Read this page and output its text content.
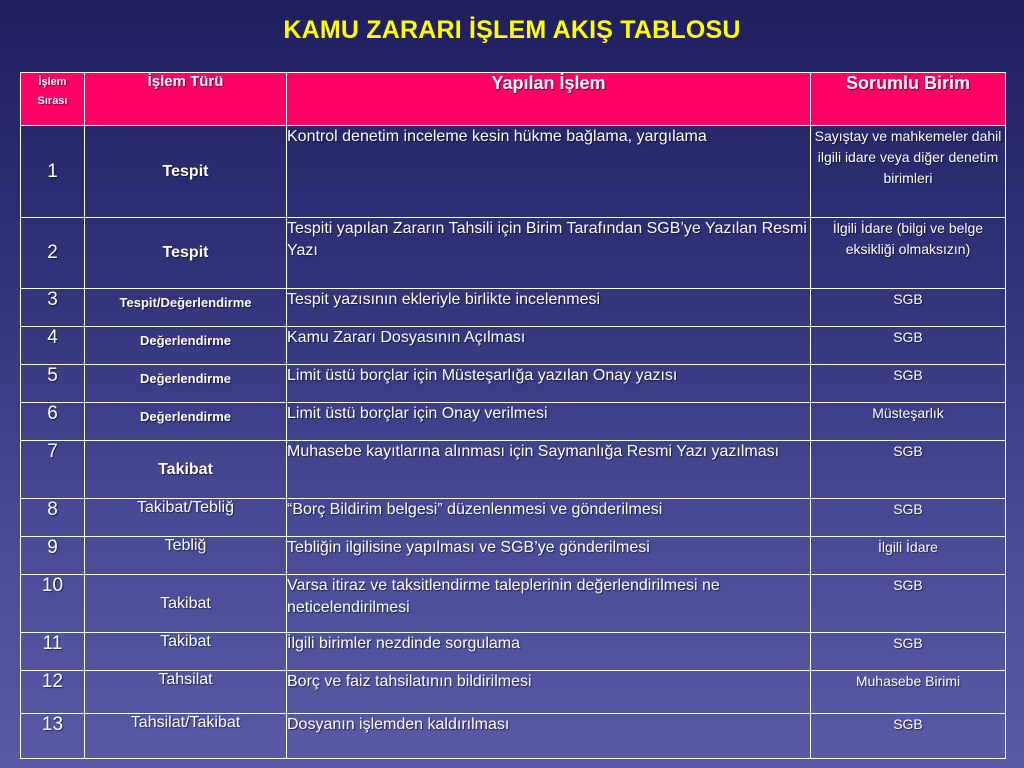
KAMU ZARARI İŞLEM AKIŞ TABLOSU
İşlem
Sırası	İşlem Türü	Yapılan İşlem	Sorumlu Birim
1	Tespit	Kontrol denetim inceleme kesin hükme bağlama, yargılama	Sayıştay ve mahkemeler dahil ilgili idare veya diğer denetim birimleri
2	Tespit	Tespiti yapılan Zararın Tahsili için Birim Tarafından SGB’ye Yazılan Resmi Yazı	İlgili İdare (bilgi ve belge eksikliği olmaksızın)
3	Tespit/Değerlendirme	Tespit yazısının ekleriyle birlikte incelenmesi	SGB
4	Değerlendirme	Kamu Zararı Dosyasının Açılması	SGB
5	Değerlendirme	Limit üstü borçlar için Müsteşarlığa yazılan Onay yazısı	SGB
6	Değerlendirme	Limit üstü borçlar için Onay verilmesi	Müsteşarlık
7	Takibat	Muhasebe kayıtlarına alınması için Saymanlığa Resmi Yazı yazılması	SGB
8	Takibat/Tebliğ	“Borç Bildirim belgesi” düzenlenmesi ve gönderilmesi	SGB
9	Tebliğ	Tebliğin ilgilisine yapılması ve SGB’ye gönderilmesi	İlgili İdare
10	Takibat	Varsa itiraz ve taksitlendirme taleplerinin değerlendirilmesi ne neticelendirilmesi	SGB
11	Takibat	İlgili birimler nezdinde sorgulama	SGB
12	Tahsilat	Borç ve faiz tahsilatının bildirilmesi	Muhasebe Birimi
13	Tahsilat/Takibat	Dosyanın işlemden kaldırılması	SGB
